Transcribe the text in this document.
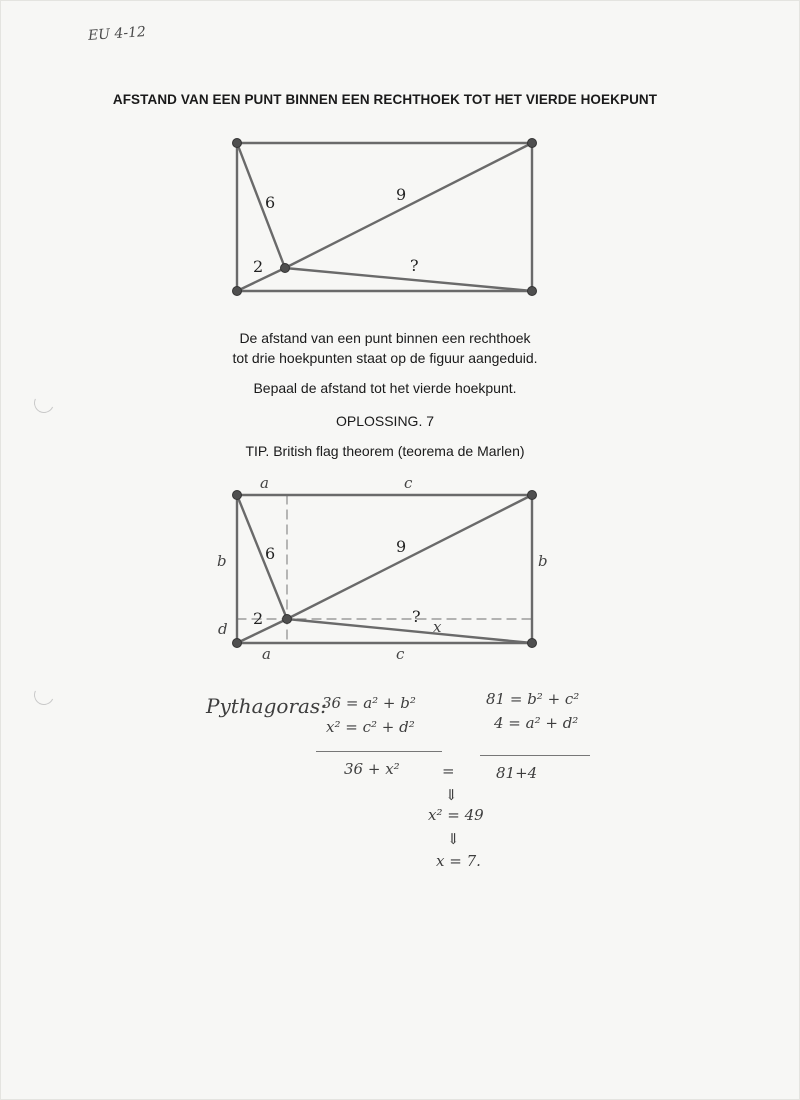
EU 4-12
AFSTAND VAN EEN PUNT BINNEN EEN RECHTHOEK TOT HET VIERDE HOEKPUNT
6	9
2	?
De afstand van een punt binnen een rechthoek
tot drie hoekpunten staat op de figuur aangeduid.
Bepaal de afstand tot het vierde hoekpunt.
OPLOSSING. 7
TIP. British flag theorem (teorema de Marlen)
6	9
2	?
a	c
b	b
d
a	c
x
Pythagoras:
36 = a² + b²
x² = c² + d²
81 = b² + c²
4 = a² + d²
36 + x²	=	81+4
⇓
x² = 49
⇓
x = 7.
